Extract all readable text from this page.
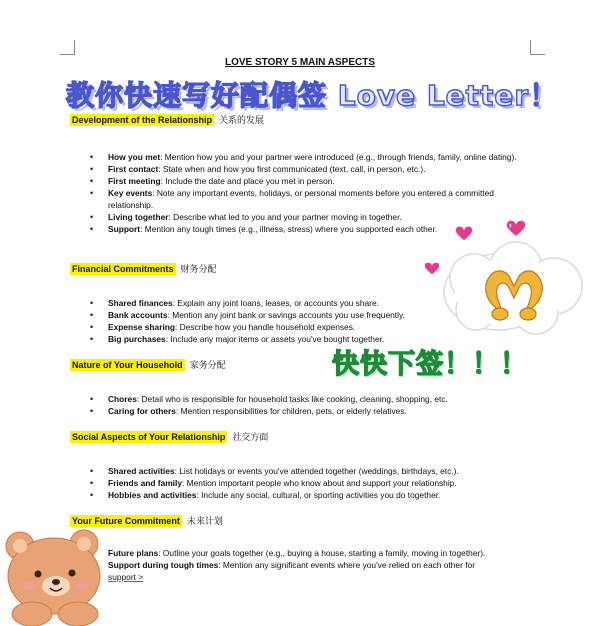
LOVE STORY 5 MAIN ASPECTS
教你快速写好配偶签 Love Letter！
Development of the Relationship 关系的发展
• How you met: Mention how you and your partner were introduced (e.g., through friends, family, online dating).
• First contact: State when and how you first communicated (text, call, in person, etc.).
• First meeting: Include the date and place you met in person.
• Key events: Note any important events, holidays, or personal moments before you entered a committed relationship.
• Living together: Describe what led to you and your partner moving in together.
• Support: Mention any tough times (e.g., illness, stress) where you supported each other.
Financial Commitments 财务分配
• Shared finances: Explain any joint loans, leases, or accounts you share.
• Bank accounts: Mention any joint bank or savings accounts you use frequently.
• Expense sharing: Describe how you handle household expenses.
• Big purchases: Include any major items or assets you've bought together.
Nature of Your Household 家务分配
• Chores: Detail who is responsible for household tasks like cooking, cleaning, shopping, etc.
• Caring for others: Mention responsibilities for children, pets, or elderly relatives.
Social Aspects of Your Relationship 社交方面
• Shared activities: List holidays or events you've attended together (weddings, birthdays, etc.).
• Friends and family: Mention important people who know about and support your relationship.
• Hobbies and activities: Include any social, cultural, or sporting activities you do together.
Your Future Commitment 未来计划
• Future plans: Outline your goals together (e.g., buying a house, starting a family, moving in together).
• Support during tough times: Mention any significant events where you've relied on each other for
support >
快快下签！！！
